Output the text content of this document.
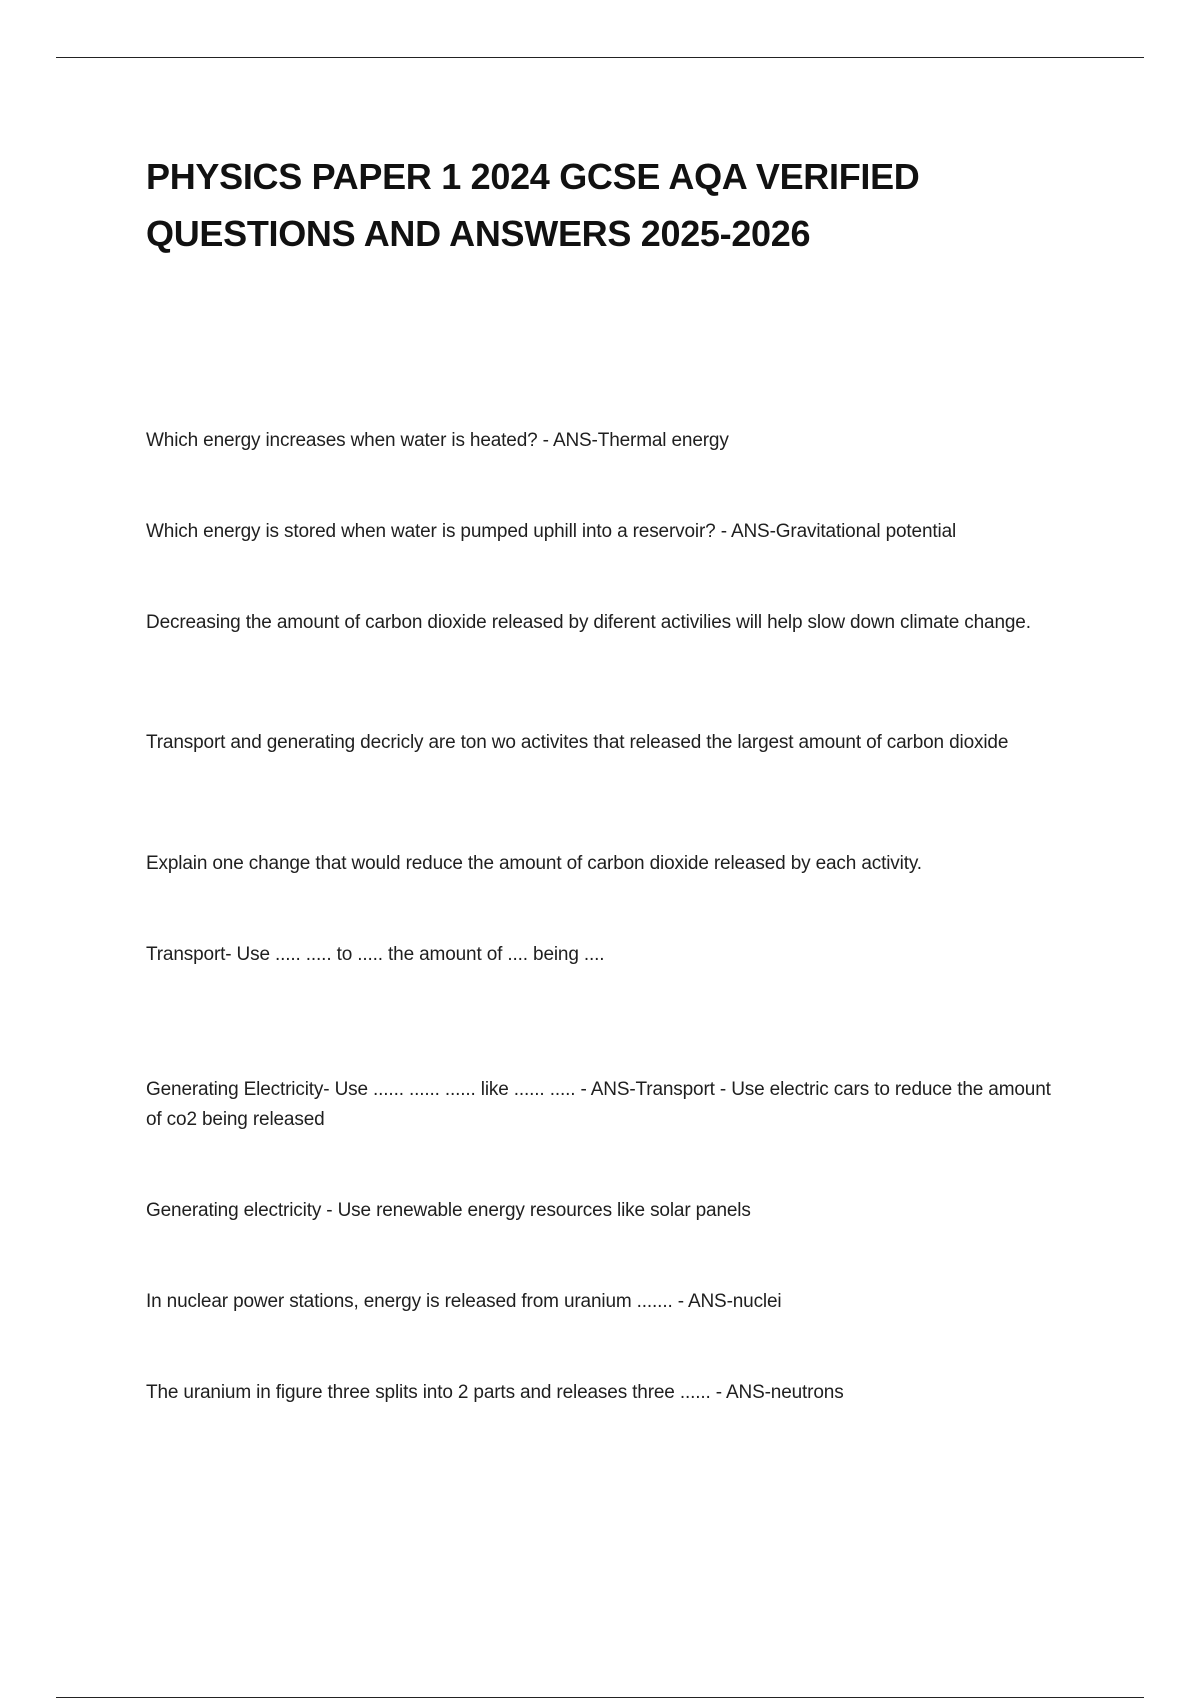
PHYSICS PAPER 1 2024 GCSE AQA VERIFIED
QUESTIONS AND ANSWERS 2025-2026

Which energy increases when water is heated? - ANS-Thermal energy

Which energy is stored when water is pumped uphill into a reservoir? - ANS-Gravitational potential

Decreasing the amount of carbon dioxide released by diferent activilies will help slow down climate change.

Transport and generating decricly are ton wo activites that released the largest amount of carbon dioxide

Explain one change that would reduce the amount of carbon dioxide released by each activity.

Transport- Use ..... ..... to ..... the amount of .... being ....

Generating Electricity- Use ...... ...... ...... like ...... ..... - ANS-Transport - Use electric cars to reduce the amount of co2 being released

Generating electricity - Use renewable energy resources like solar panels

In nuclear power stations, energy is released from uranium ....... - ANS-nuclei

The uranium in figure three splits into 2 parts and releases three ...... - ANS-neutrons
